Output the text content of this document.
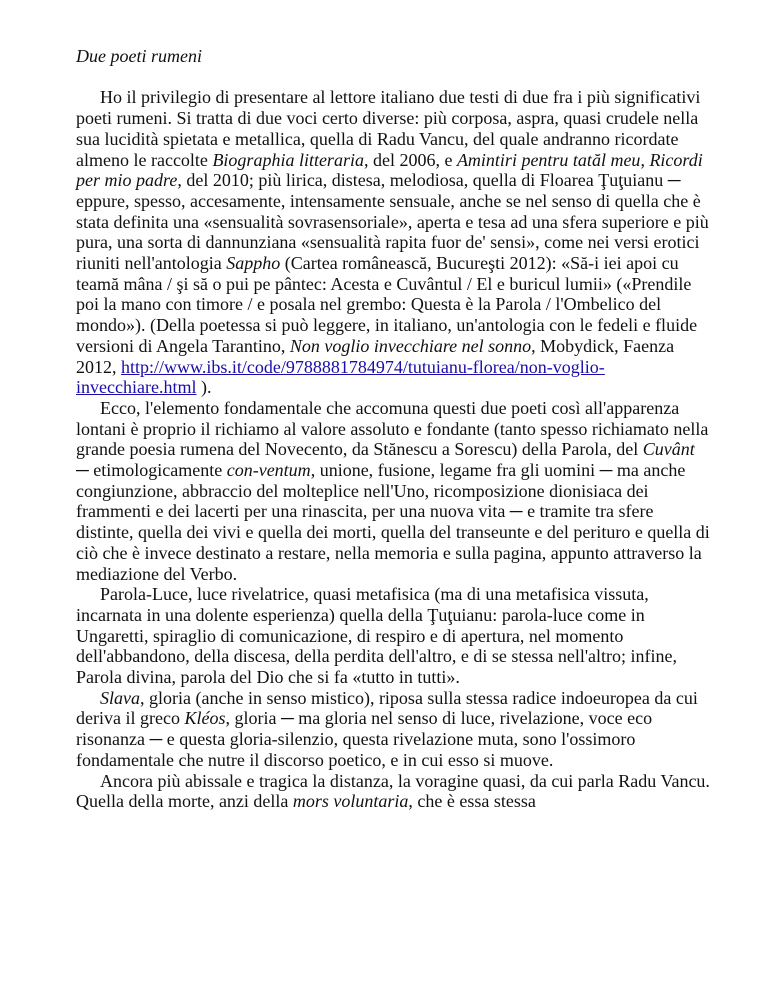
Due poeti rumeni

Ho il privilegio di presentare al lettore italiano due testi di due fra i più significativi poeti rumeni. Si tratta di due voci certo diverse: più corposa, aspra, quasi crudele nella sua lucidità spietata e metallica, quella di Radu Vancu, del quale andranno ricordate almeno le raccolte Biographia litteraria, del 2006, e Amintiri pentru tatăl meu, Ricordi per mio padre, del 2010; più lirica, distesa, melodiosa, quella di Floarea Ţuţuianu ─ eppure, spesso, accesamente, intensamente sensuale, anche se nel senso di quella che è stata definita una «sensualità sovrasensoriale», aperta e tesa ad una sfera superiore e più pura, una sorta di dannunziana «sensualità rapita fuor de' sensi», come nei versi erotici riuniti nell'antologia Sappho (Cartea românească, Bucureşti 2012): «Să-i iei apoi cu teamă mâna / şi să o pui pe pântec: Acesta e Cuvântul / El e buricul lumii» («Prendile poi la mano con timore / e posala nel grembo: Questa è la Parola / l'Ombelico del mondo»). (Della poetessa si può leggere, in italiano, un'antologia con le fedeli e fluide versioni di Angela Tarantino, Non voglio invecchiare nel sonno, Mobydick, Faenza 2012, http://www.ibs.it/code/9788881784974/tutuianu-florea/non-voglio-invecchiare.html ).

Ecco, l'elemento fondamentale che accomuna questi due poeti così all'apparenza lontani è proprio il richiamo al valore assoluto e fondante (tanto spesso richiamato nella grande poesia rumena del Novecento, da Stănescu a Sorescu) della Parola, del Cuvânt ─ etimologicamente con-ventum, unione, fusione, legame fra gli uomini ─ ma anche congiunzione, abbraccio del molteplice nell'Uno, ricomposizione dionisiaca dei frammenti e dei lacerti per una rinascita, per una nuova vita ─ e tramite tra sfere distinte, quella dei vivi e quella dei morti, quella del transeunte e del perituro e quella di ciò che è invece destinato a restare, nella memoria e sulla pagina, appunto attraverso la mediazione del Verbo.

Parola-Luce, luce rivelatrice, quasi metafisica (ma di una metafisica vissuta, incarnata in una dolente esperienza) quella della Ţuţuianu: parola-luce come in Ungaretti, spiraglio di comunicazione, di respiro e di apertura, nel momento dell'abbandono, della discesa, della perdita dell'altro, e di se stessa nell'altro; infine, Parola divina, parola del Dio che si fa «tutto in tutti».

Slava, gloria (anche in senso mistico), riposa sulla stessa radice indoeuropea da cui deriva il greco Kléos, gloria ─ ma gloria nel senso di luce, rivelazione, voce eco risonanza ─ e questa gloria-silenzio, questa rivelazione muta, sono l'ossimoro fondamentale che nutre il discorso poetico, e in cui esso si muove.

Ancora più abissale e tragica la distanza, la voragine quasi, da cui parla Radu Vancu. Quella della morte, anzi della mors voluntaria, che è essa stessa
